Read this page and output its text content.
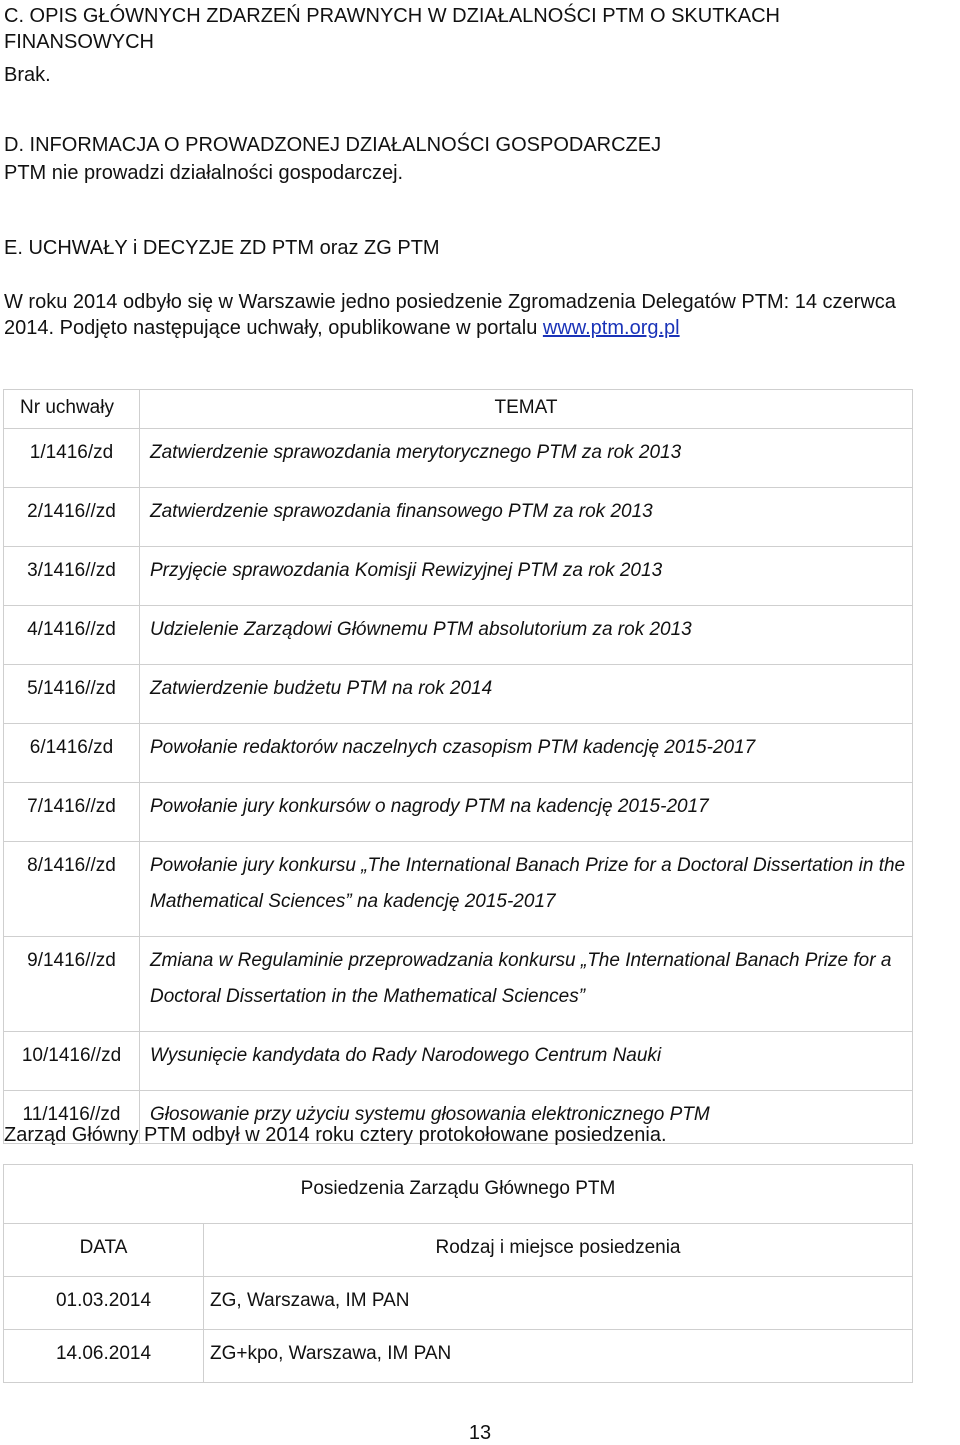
C. OPIS GŁÓWNYCH ZDARZEŃ PRAWNYCH W DZIAŁALNOŚCI PTM O SKUTKACH
FINANSOWYCH
Brak.
D. INFORMACJA O PROWADZONEJ DZIAŁALNOŚCI GOSPODARCZEJ
PTM nie prowadzi działalności gospodarczej.
E. UCHWAŁY i DECYZJE ZD PTM oraz ZG PTM
W roku 2014 odbyło się w Warszawie jedno posiedzenie Zgromadzenia Delegatów PTM: 14 czerwca
2014. Podjęto następujące uchwały, opublikowane w portalu www.ptm.org.pl
Nr uchwały	TEMAT
1/1416/zd	Zatwierdzenie sprawozdania merytorycznego PTM za rok 2013
2/1416//zd	Zatwierdzenie sprawozdania finansowego PTM za rok 2013
3/1416//zd	Przyjęcie sprawozdania Komisji Rewizyjnej PTM za rok 2013
4/1416//zd	Udzielenie Zarządowi Głównemu PTM absolutorium za rok 2013
5/1416//zd	Zatwierdzenie budżetu PTM na rok 2014
6/1416/zd	Powołanie redaktorów naczelnych czasopism PTM kadencję 2015-2017
7/1416//zd	Powołanie jury konkursów o nagrody PTM na kadencję 2015-2017
8/1416//zd	Powołanie jury konkursu „The International Banach Prize for a Doctoral Dissertation in the Mathematical Sciences” na kadencję 2015-2017
9/1416//zd	Zmiana w Regulaminie przeprowadzania konkursu „The International Banach Prize for a Doctoral Dissertation in the Mathematical Sciences”
10/1416//zd	Wysunięcie kandydata do Rady Narodowego Centrum Nauki
11/1416//zd	Głosowanie przy użyciu systemu głosowania elektronicznego PTM
Zarząd Główny PTM odbył w 2014 roku cztery protokołowane posiedzenia.
Posiedzenia Zarządu Głównego PTM	
DATA	Rodzaj i miejsce posiedzenia
01.03.2014	ZG, Warszawa, IM PAN
14.06.2014	ZG+kpo, Warszawa, IM PAN
13
